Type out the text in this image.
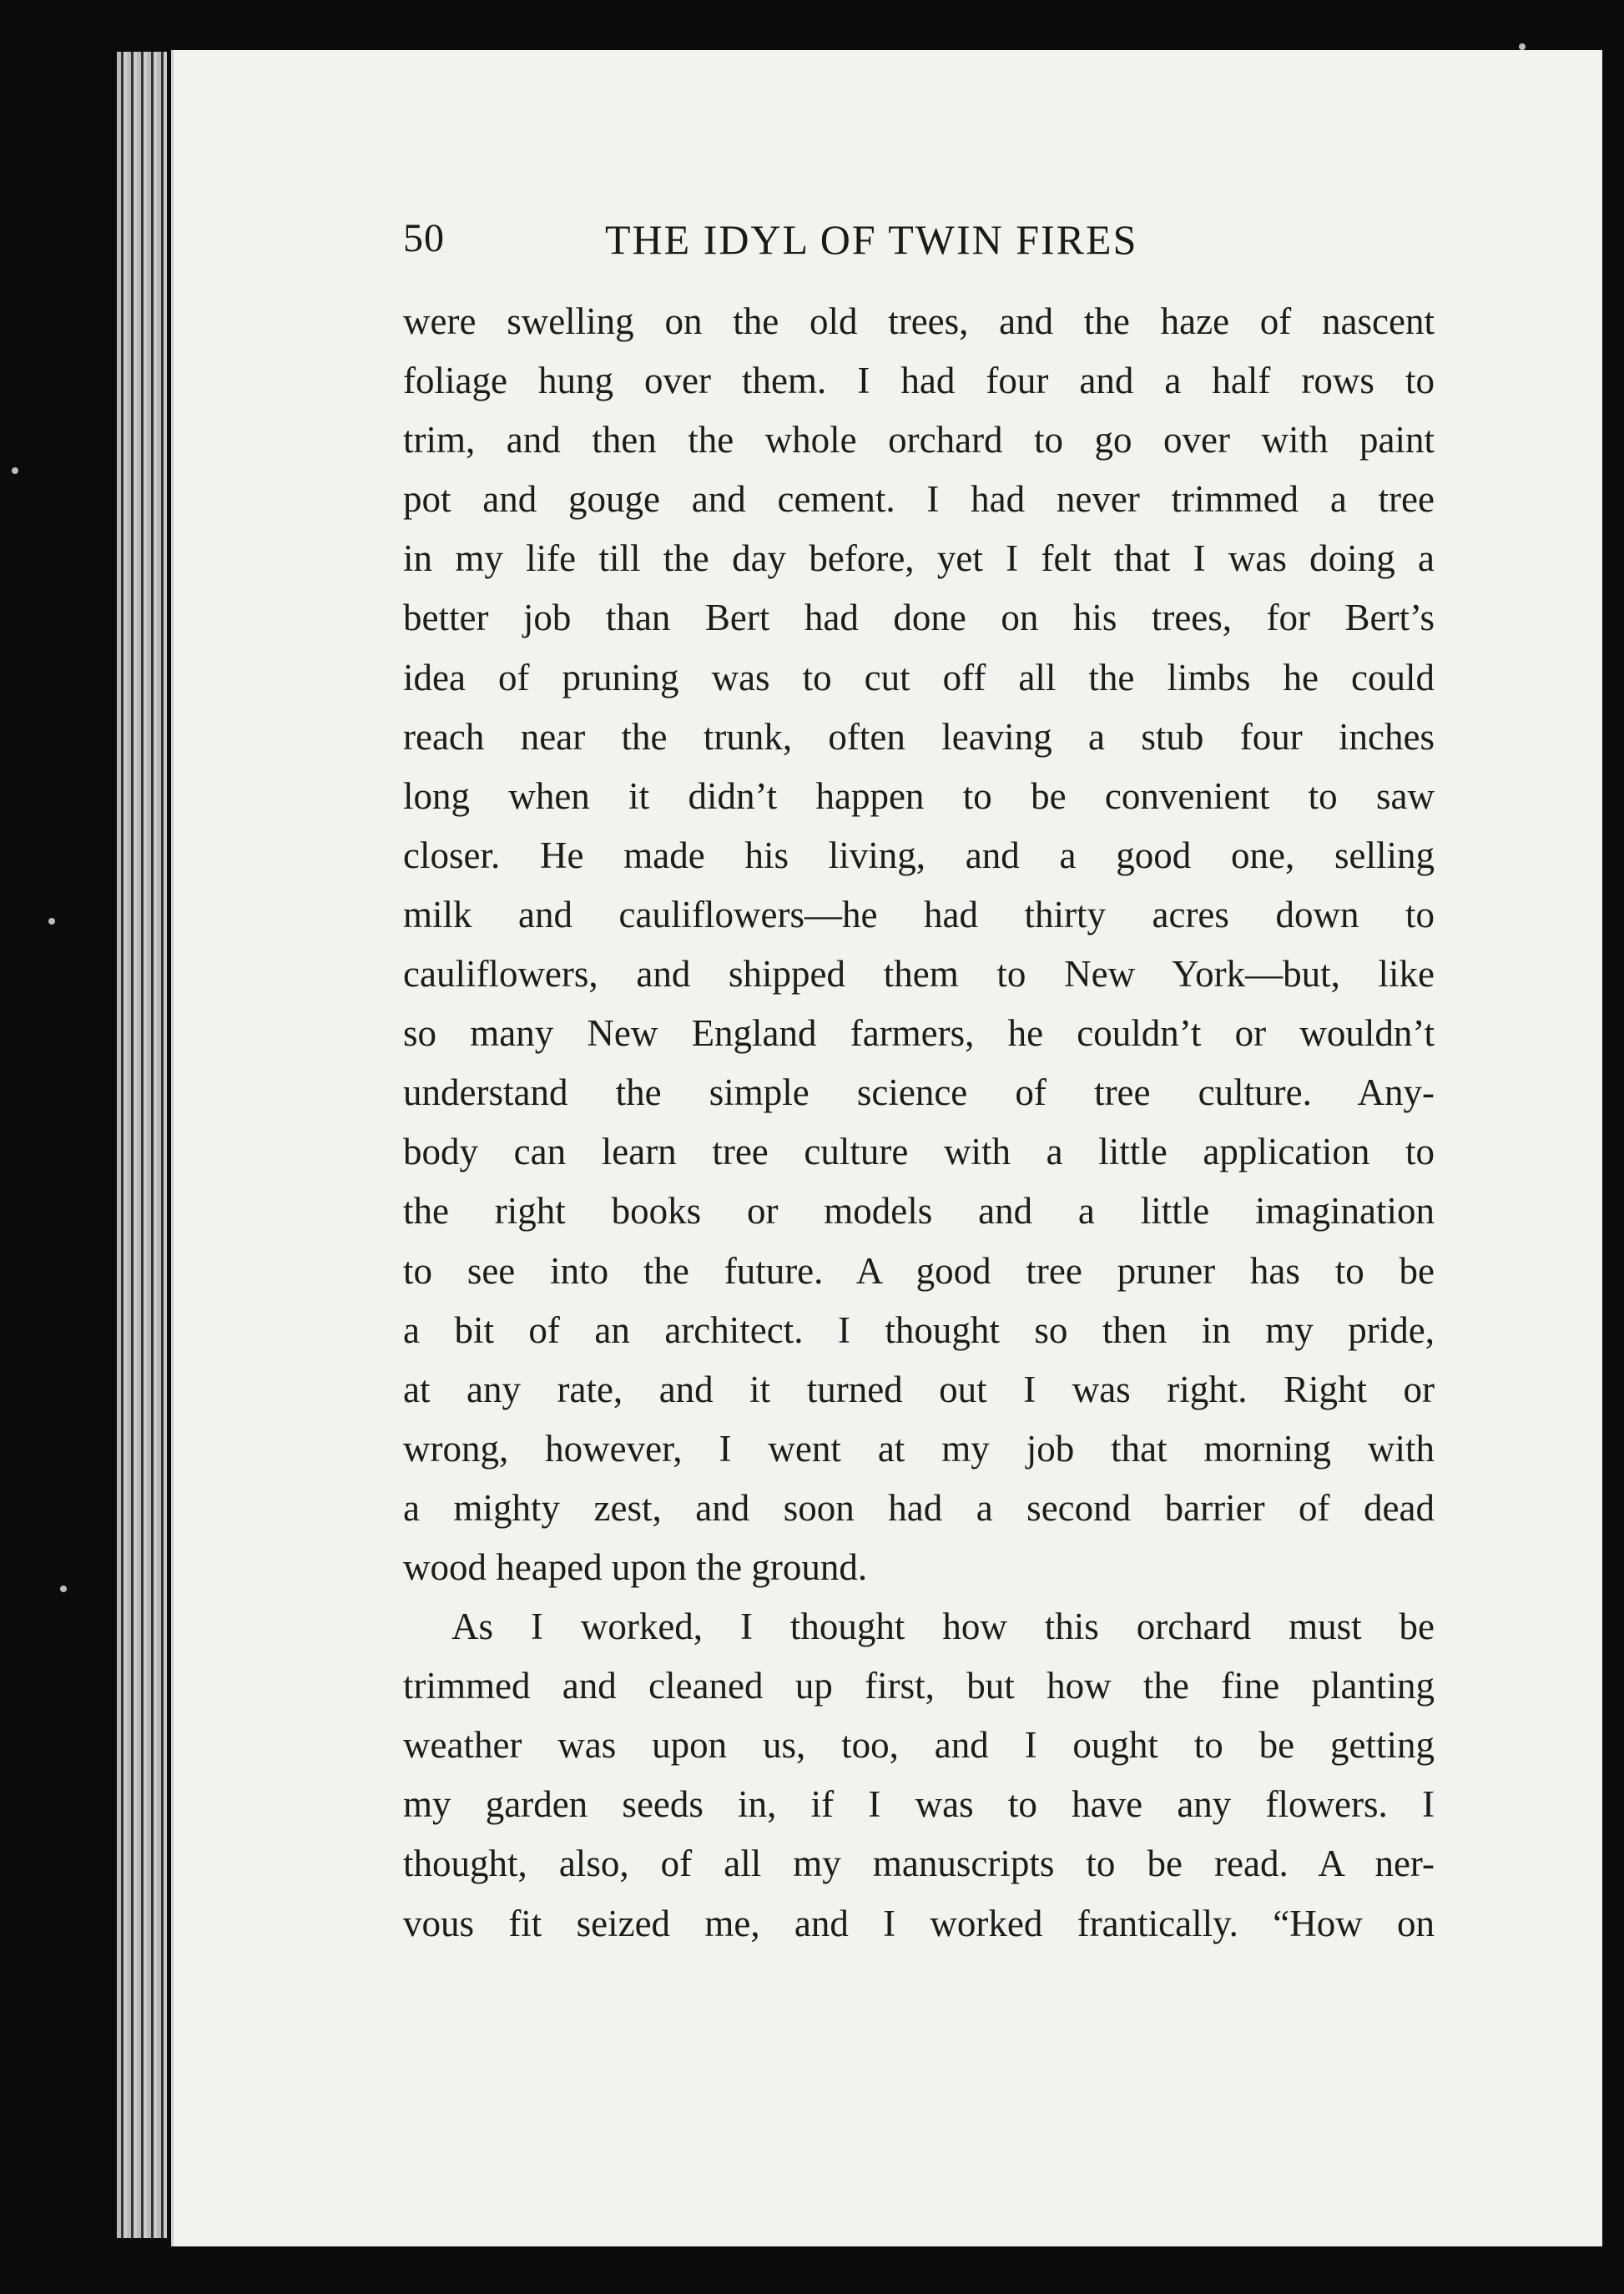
50	THE IDYL OF TWIN FIRES
were swelling on the old trees, and the haze of nascent
foliage hung over them. I had four and a half rows to
trim, and then the whole orchard to go over with paint
pot and gouge and cement. I had never trimmed a tree
in my life till the day before, yet I felt that I was doing a
better job than Bert had done on his trees, for Bert’s
idea of pruning was to cut off all the limbs he could
reach near the trunk, often leaving a stub four inches
long when it didn’t happen to be convenient to saw
closer. He made his living, and a good one, selling
milk and cauliflowers—he had thirty acres down to
cauliflowers, and shipped them to New York—but, like
so many New England farmers, he couldn’t or wouldn’t
understand the simple science of tree culture. Any-
body can learn tree culture with a little application to
the right books or models and a little imagination
to see into the future. A good tree pruner has to be
a bit of an architect. I thought so then in my pride,
at any rate, and it turned out I was right. Right or
wrong, however, I went at my job that morning with
a mighty zest, and soon had a second barrier of dead
wood heaped upon the ground.
As I worked, I thought how this orchard must be
trimmed and cleaned up first, but how the fine planting
weather was upon us, too, and I ought to be getting
my garden seeds in, if I was to have any flowers. I
thought, also, of all my manuscripts to be read. A ner-
vous fit seized me, and I worked frantically. “How on
